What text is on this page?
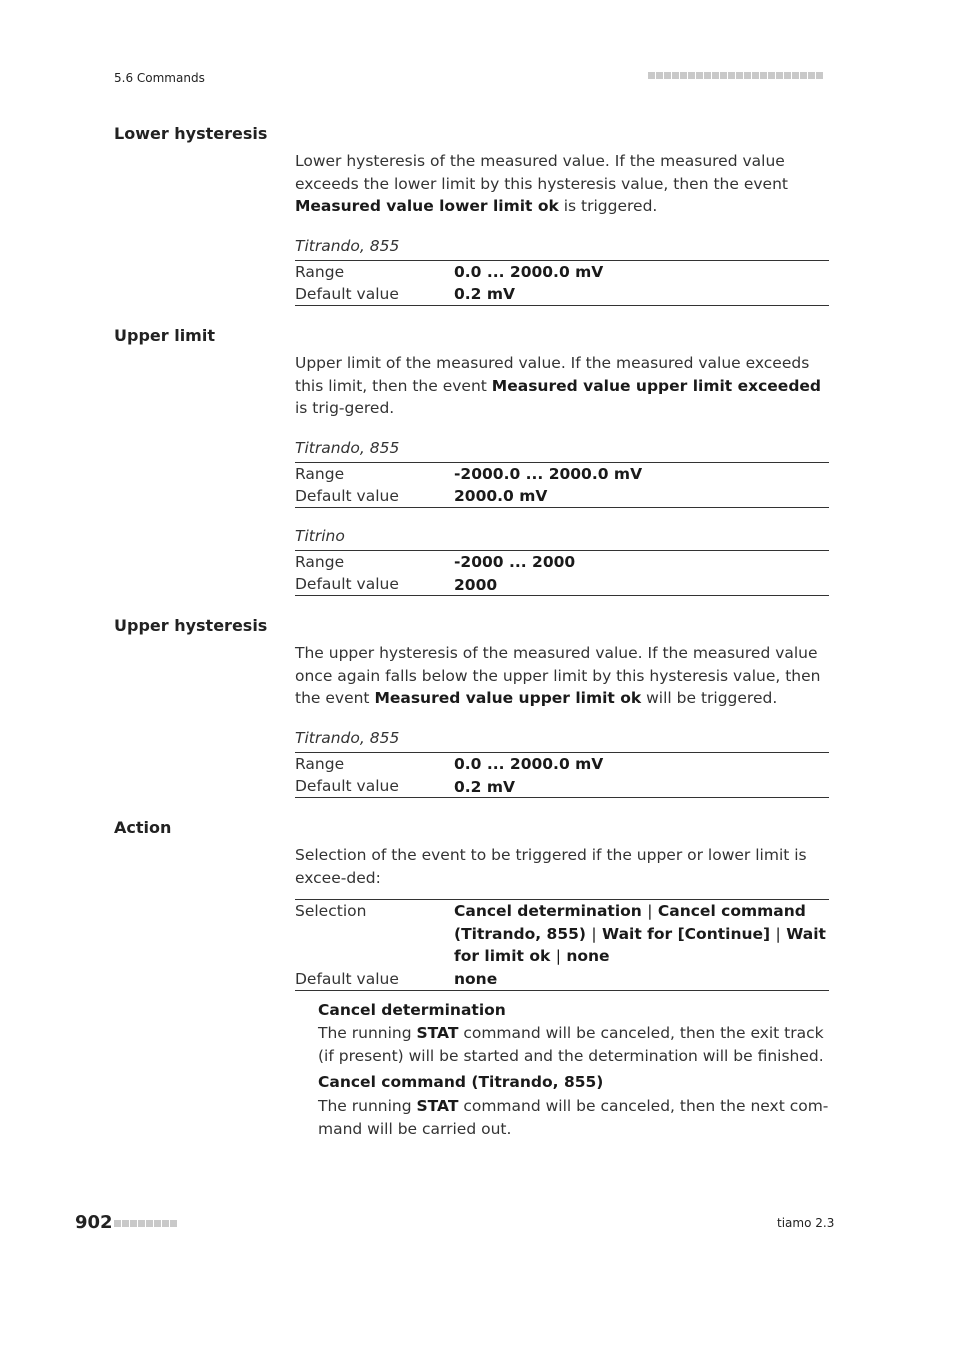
5.6 Commands
Lower hysteresis
Lower hysteresis of the measured value. If the measured value exceeds the lower limit by this hysteresis value, then the event Measured value lower limit ok is triggered.
Titrando, 855
Range	0.0 ... 2000.0 mV
Default value	0.2 mV
Upper limit
Upper limit of the measured value. If the measured value exceeds this limit, then the event Measured value upper limit exceeded is trig-gered.
Titrando, 855
Range	-2000.0 ... 2000.0 mV
Default value	2000.0 mV
Titrino
Range	-2000 ... 2000
Default value	2000
Upper hysteresis
The upper hysteresis of the measured value. If the measured value once again falls below the upper limit by this hysteresis value, then the event Measured value upper limit ok will be triggered.
Titrando, 855
Range	0.0 ... 2000.0 mV
Default value	0.2 mV
Action
Selection of the event to be triggered if the upper or lower limit is excee-ded:
Selection	Cancel determination | Cancel command (Titrando, 855) | Wait for [Continue] | Wait for limit ok | none
Default value	none
Cancel determination
The running STAT command will be canceled, then the exit track (if present) will be started and the determination will be finished.
Cancel command (Titrando, 855)
The running STAT command will be canceled, then the next com-mand will be carried out.
902	tiamo 2.3
